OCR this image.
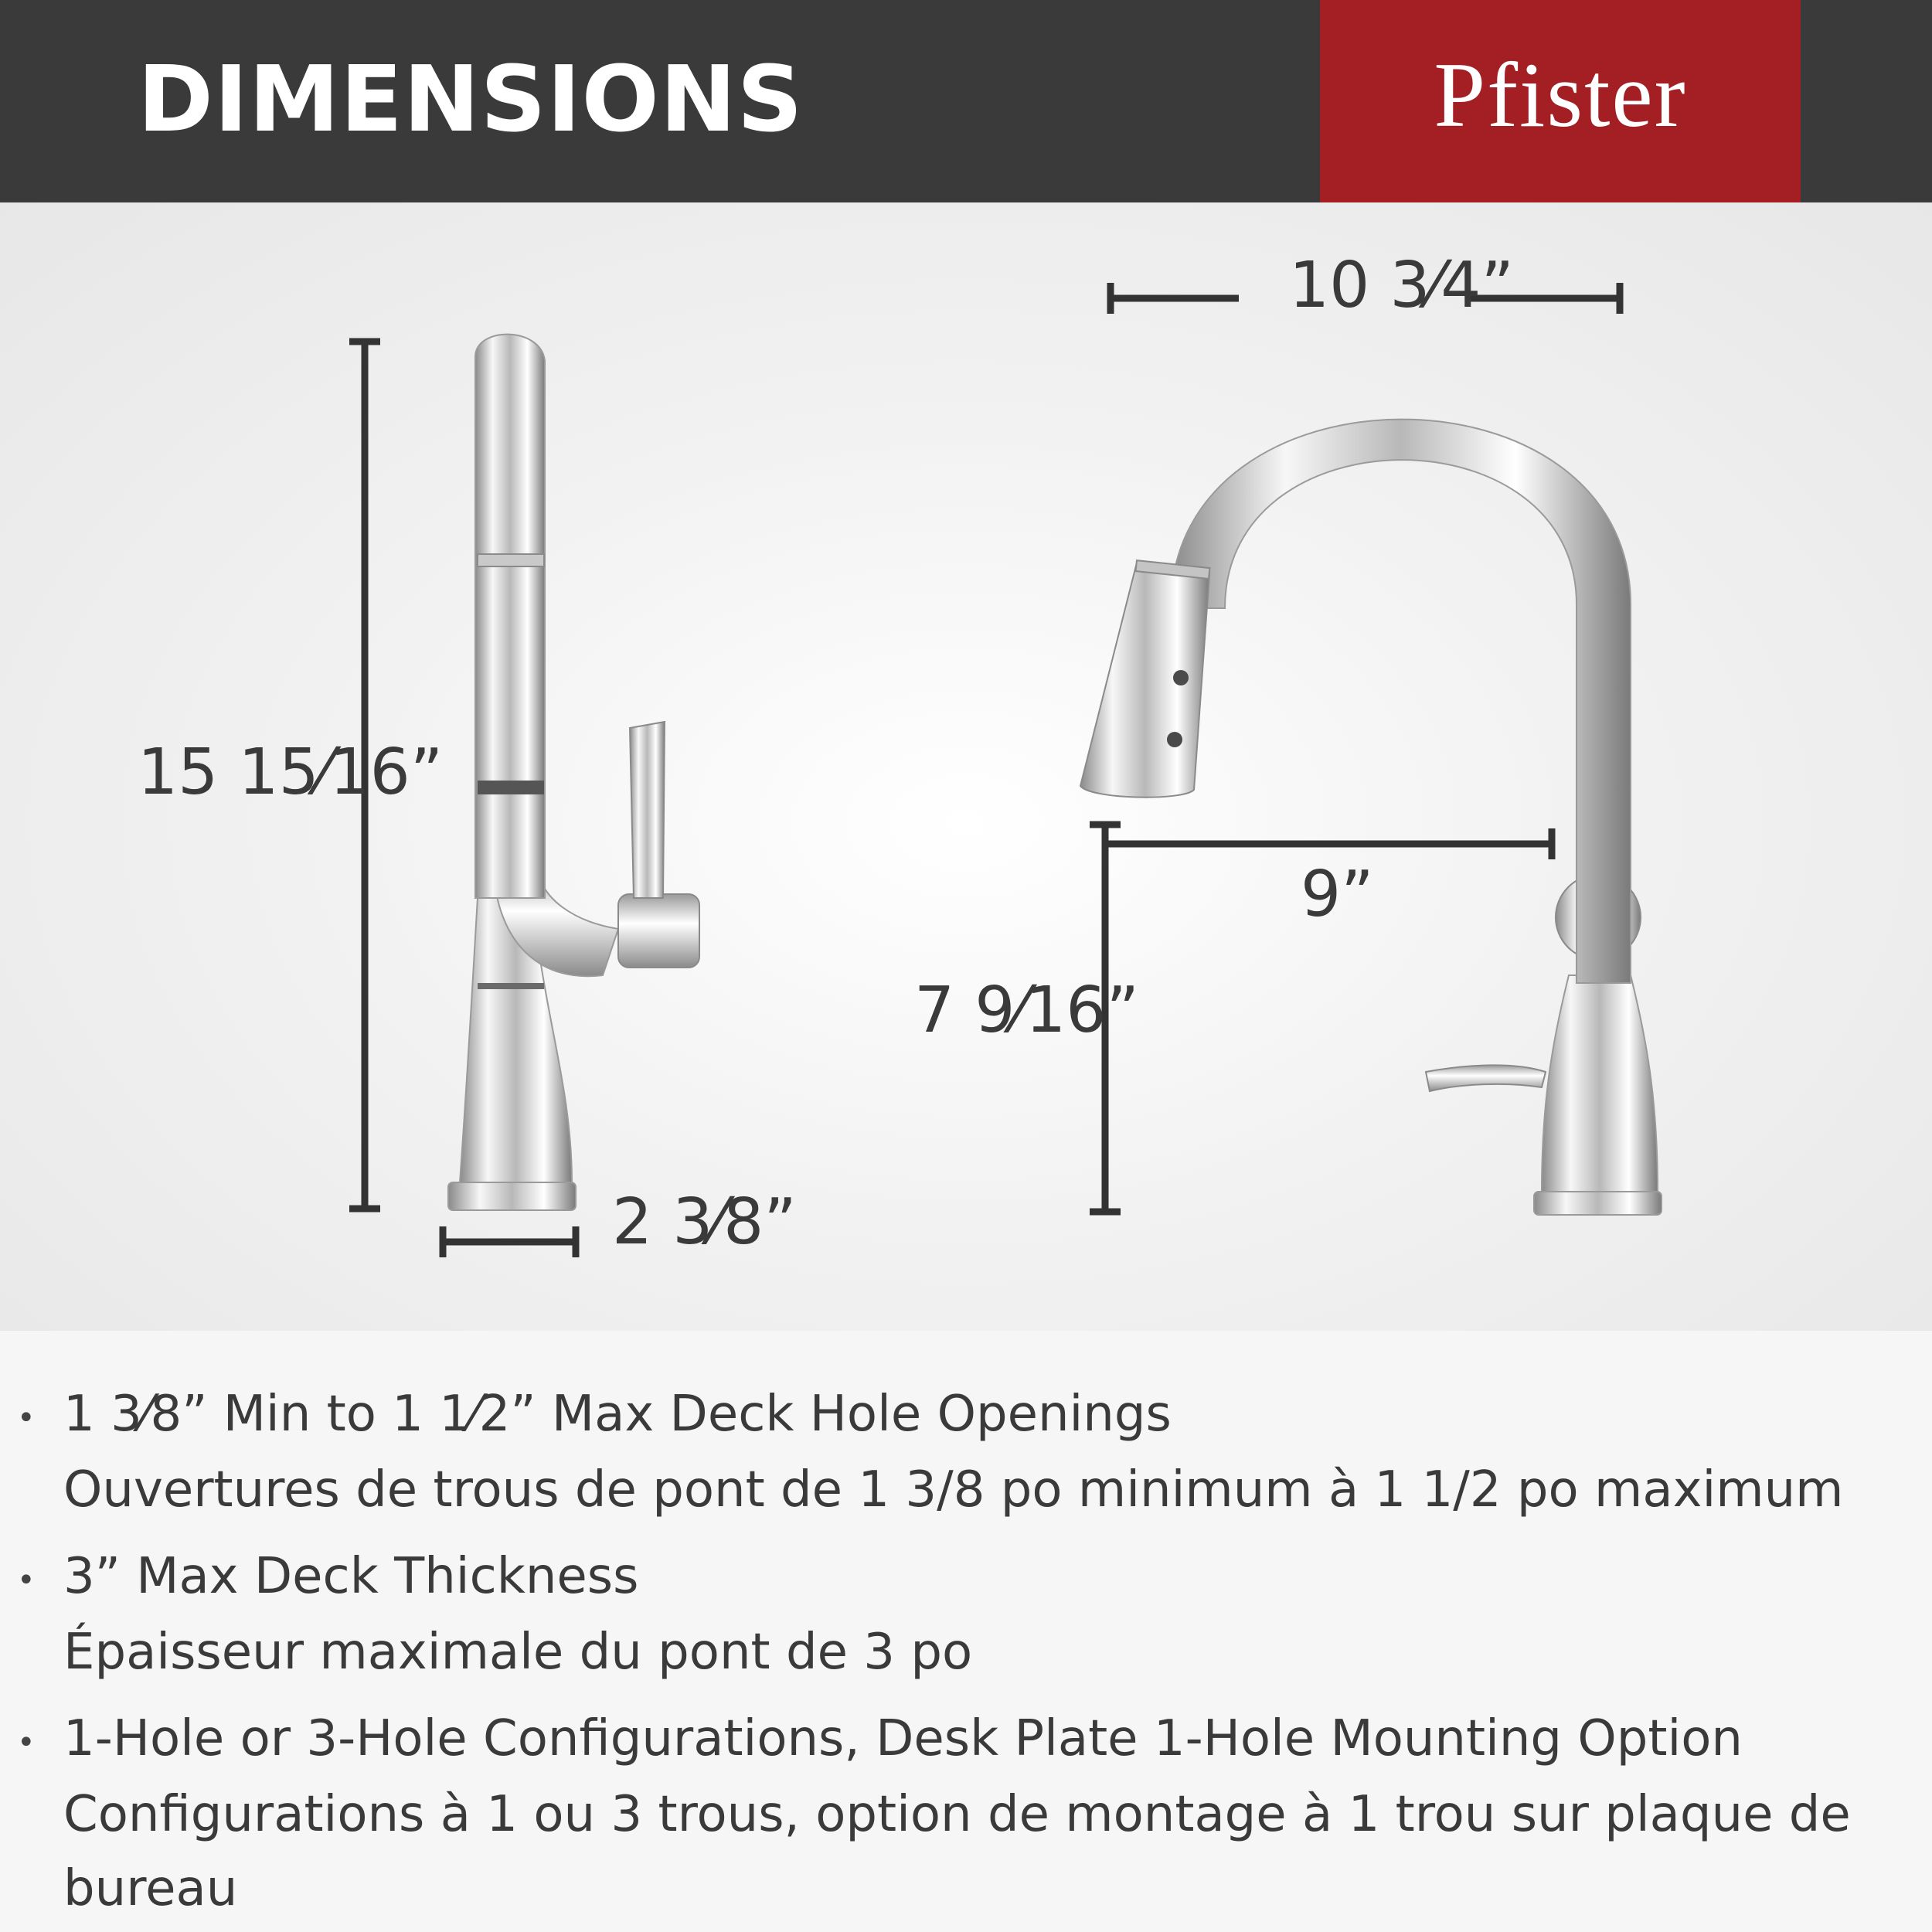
DIMENSIONS	Pfister
15 15⁄16”
2 3⁄8”
10 3⁄4”
9”
7 9⁄16”
• 1 3⁄8” Min to 1 1⁄2” Max Deck Hole Openings
Ouvertures de trous de pont de 1 3/8 po minimum à 1 1/2 po maximum
• 3” Max Deck Thickness
Épaisseur maximale du pont de 3 po
• 1-Hole or 3-Hole Configurations, Desk Plate 1-Hole Mounting Option
Configurations à 1 ou 3 trous, option de montage à 1 trou sur plaque de bureau
